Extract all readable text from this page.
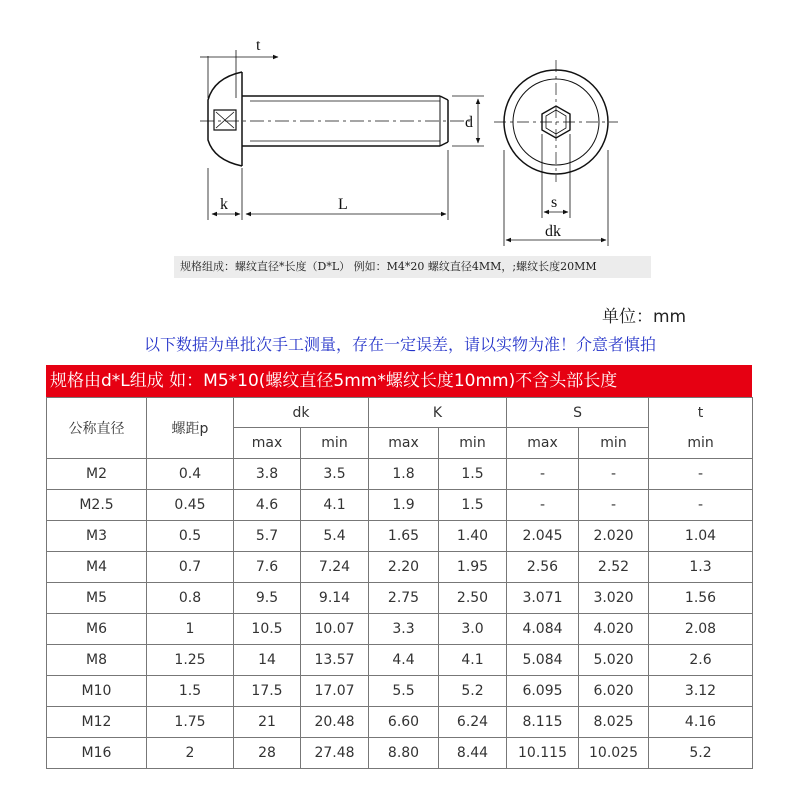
t
d
k	L	s
dk
规格组成：螺纹直径*长度（D*L） 例如：M4*20 螺纹直径4MM，;螺纹长度20MM
单位：mm
以下数据为单批次手工测量，存在一定误差，请以实物为准！介意者慎拍
规格由d*L组成 如：M5*10(螺纹直径5mm*螺纹长度10mm)不含头部长度
公称直径	螺距p	dk		K		S		t
		max	min	max	min	max	min	min
M2	0.4	3.8	3.5	1.8	1.5	-	-	-
M2.5	0.45	4.6	4.1	1.9	1.5	-	-	-
M3	0.5	5.7	5.4	1.65	1.40	2.045	2.020	1.04
M4	0.7	7.6	7.24	2.20	1.95	2.56	2.52	1.3
M5	0.8	9.5	9.14	2.75	2.50	3.071	3.020	1.56
M6	1	10.5	10.07	3.3	3.0	4.084	4.020	2.08
M8	1.25	14	13.57	4.4	4.1	5.084	5.020	2.6
M10	1.5	17.5	17.07	5.5	5.2	6.095	6.020	3.12
M12	1.75	21	20.48	6.60	6.24	8.115	8.025	4.16
M16	2	28	27.48	8.80	8.44	10.115	10.025	5.2
